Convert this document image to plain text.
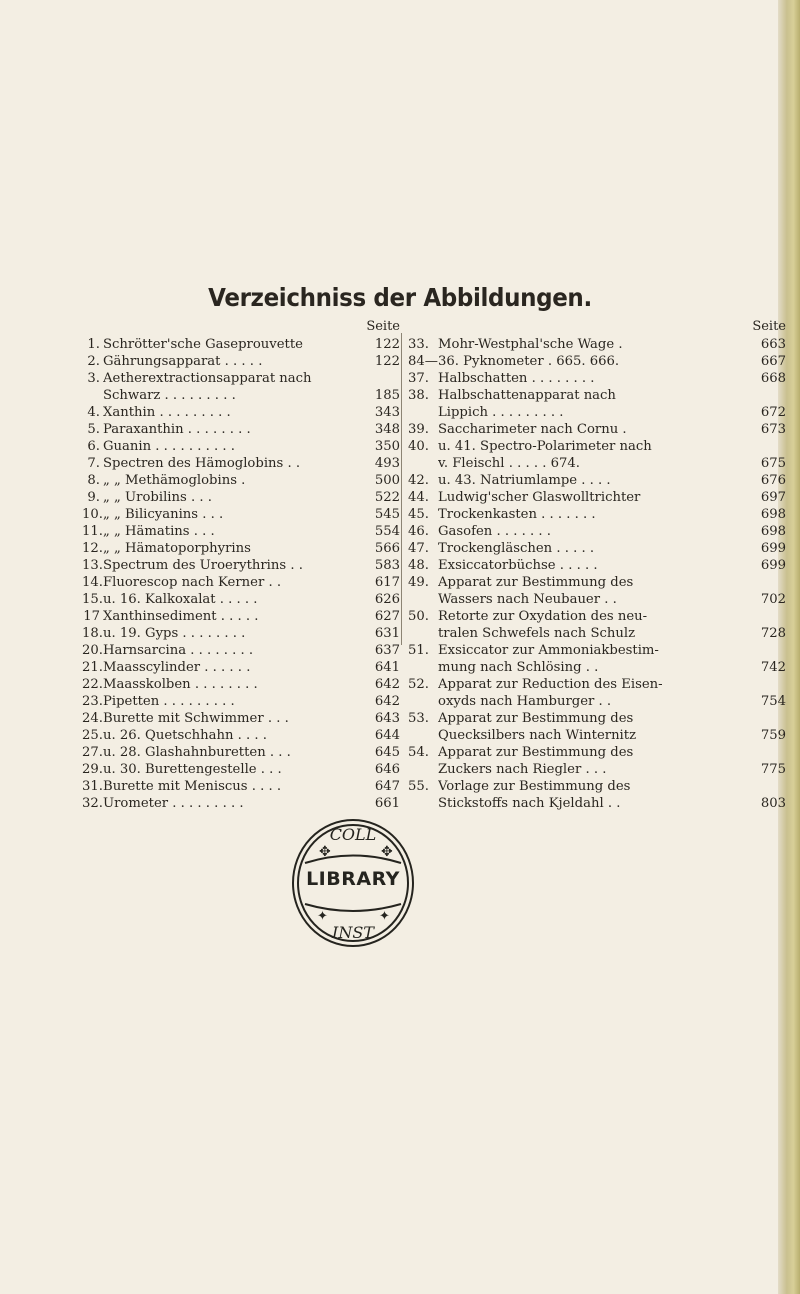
Verzeichniss der Abbildungen.
Seite
1. Schrötter'sche Gaseprouvette	122
2. Gährungsapparat . . . . .	122
3. Aetherextractionsapparat nach
Schwarz . . . . . . . . .	185
4. Xanthin . . . . . . . . .	343
5. Paraxanthin . . . . . . . .	348
6. Guanin . . . . . . . . . .	350
7. Spectren des Hämoglobins . .	493
8. „ „ Methämoglobins .	500
9. „ „ Urobilins . . .	522
10. „ „ Bilicyanins . . .	545
11. „ „ Hämatins . . .	554
12. „ „ Hämatoporphyrins	566
13. Spectrum des Uroerythrins . .	583
14. Fluorescop nach Kerner . .	617
15. u. 16. Kalkoxalat . . . . .	626
17 Xanthinsediment . . . . .	627
18. u. 19. Gyps . . . . . . . .	631
20. Harnsarcina . . . . . . . .	637
21. Maasscylinder . . . . . .	641
22. Maasskolben . . . . . . . .	642
23. Pipetten . . . . . . . . .	642
24. Burette mit Schwimmer . . .	643
25. u. 26. Quetschhahn . . . .	644
27. u. 28. Glashahnburetten . . .	645
29. u. 30. Burettengestelle . . .	646
31. Burette mit Meniscus . . . .	647
32. Urometer . . . . . . . . .	661
Seite
33. Mohr-Westphal'sche Wage .	663
84— 36. Pyknometer . 665. 666.	667
37. Halbschatten . . . . . . . .	668
38. Halbschattenapparat nach
Lippich . . . . . . . . .	672
39. Saccharimeter nach Cornu .	673
40. u. 41. Spectro-Polarimeter nach
v. Fleischl . . . . . 674.	675
42. u. 43. Natriumlampe . . . .	676
44. Ludwig'scher Glaswolltrichter	697
45. Trockenkasten . . . . . . .	698
46. Gasofen . . . . . . .	698
47. Trockengläschen . . . . .	699
48. Exsiccatorbüchse . . . . .	699
49. Apparat zur Bestimmung des
Wassers nach Neubauer . .	702
50. Retorte zur Oxydation des neu-
tralen Schwefels nach Schulz	728
51. Exsiccator zur Ammoniakbestim-
mung nach Schlösing . .	742
52. Apparat zur Reduction des Eisen-
oxyds nach Hamburger . .	754
53. Apparat zur Bestimmung des
Quecksilbers nach Winternitz	759
54. Apparat zur Bestimmung des
Zuckers nach Riegler . . .	775
55. Vorlage zur Bestimmung des
Stickstoffs nach Kjeldahl . .	803
COLL
INST
✥	✥
✦	✦
LIBRARY
